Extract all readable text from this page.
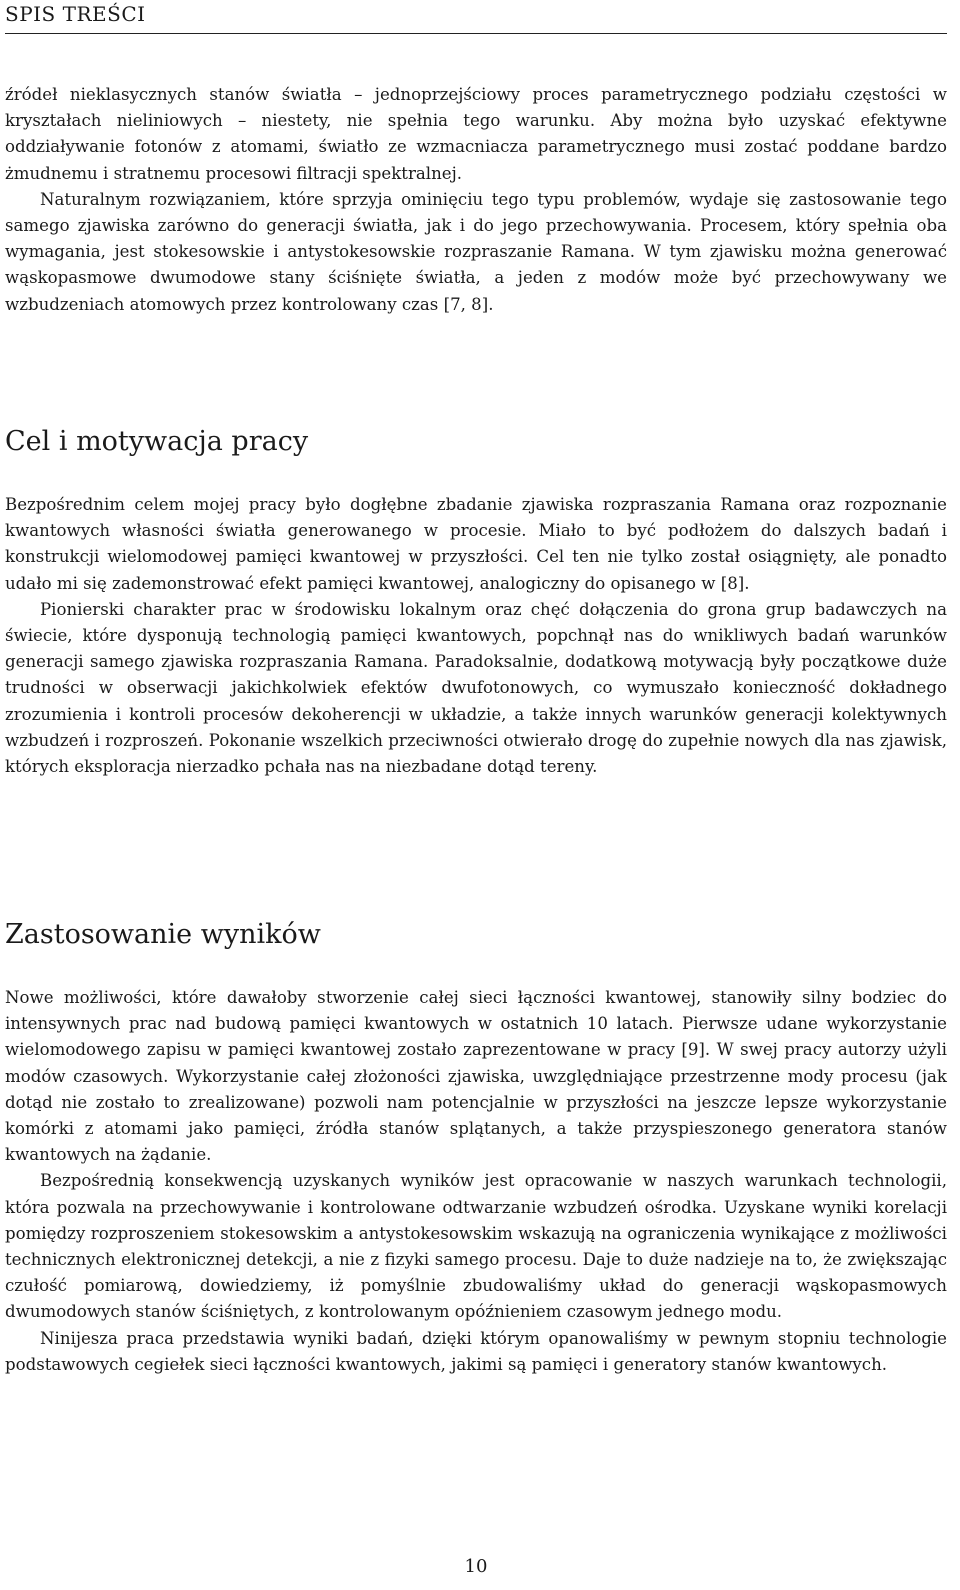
SPIS TREŚCI

źródeł nieklasycznych stanów światła – jednoprzejściowy proces parametrycznego podziału częstości w kryształach nieliniowych – niestety, nie spełnia tego warunku. Aby można było uzyskać efektywne oddziaływanie fotonów z atomami, światło ze wzmacniacza parametrycznego musi zostać poddane bardzo żmudnemu i stratnemu procesowi filtracji spektralnej.

Naturalnym rozwiązaniem, które sprzyja ominięciu tego typu problemów, wydaje się zastosowanie tego samego zjawiska zarówno do generacji światła, jak i do jego przechowywania. Procesem, który spełnia oba wymagania, jest stokesowskie i antystokesowskie rozpraszanie Ramana. W tym zjawisku można generować wąskopasmowe dwumodowe stany ściśnięte światła, a jeden z modów może być przechowywany we wzbudzeniach atomowych przez kontrolowany czas [7, 8].

Cel i motywacja pracy

Bezpośrednim celem mojej pracy było dogłębne zbadanie zjawiska rozpraszania Ramana oraz rozpoznanie kwantowych własności światła generowanego w procesie. Miało to być podłożem do dalszych badań i konstrukcji wielomodowej pamięci kwantowej w przyszłości. Cel ten nie tylko został osiągnięty, ale ponadto udało mi się zademonstrować efekt pamięci kwantowej, analogiczny do opisanego w [8].

Pionierski charakter prac w środowisku lokalnym oraz chęć dołączenia do grona grup badawczych na świecie, które dysponują technologią pamięci kwantowych, popchnął nas do wnikliwych badań warunków generacji samego zjawiska rozpraszania Ramana. Paradoksalnie, dodatkową motywacją były początkowe duże trudności w obserwacji jakichkolwiek efektów dwufotonowych, co wymuszało konieczność dokładnego zrozumienia i kontroli procesów dekoherencji w układzie, a także innych warunków generacji kolektywnych wzbudzeń i rozproszeń. Pokonanie wszelkich przeciwności otwierało drogę do zupełnie nowych dla nas zjawisk, których eksploracja nierzadko pchała nas na niezbadane dotąd tereny.

Zastosowanie wyników

Nowe możliwości, które dawałoby stworzenie całej sieci łączności kwantowej, stanowiły silny bodziec do intensywnych prac nad budową pamięci kwantowych w ostatnich 10 latach. Pierwsze udane wykorzystanie wielomodowego zapisu w pamięci kwantowej zostało zaprezentowane w pracy [9]. W swej pracy autorzy użyli modów czasowych. Wykorzystanie całej złożoności zjawiska, uwzględniające przestrzenne mody procesu (jak dotąd nie zostało to zrealizowane) pozwoli nam potencjalnie w przyszłości na jeszcze lepsze wykorzystanie komórki z atomami jako pamięci, źródła stanów splątanych, a także przyspieszonego generatora stanów kwantowych na żądanie.

Bezpośrednią konsekwencją uzyskanych wyników jest opracowanie w naszych warunkach technologii, która pozwala na przechowywanie i kontrolowane odtwarzanie wzbudzeń ośrodka. Uzyskane wyniki korelacji pomiędzy rozproszeniem stokesowskim a antystokesowskim wskazują na ograniczenia wynikające z możliwości technicznych elektronicznej detekcji, a nie z fizyki samego procesu. Daje to duże nadzieje na to, że zwiększając czułość pomiarową, dowiedziemy, iż pomyślnie zbudowaliśmy układ do generacji wąskopasmowych dwumodowych stanów ściśniętych, z kontrolowanym opóźnieniem czasowym jednego modu.

Ninijesza praca przedstawia wyniki badań, dzięki którym opanowaliśmy w pewnym stopniu technologie podstawowych cegiełek sieci łączności kwantowych, jakimi są pamięci i generatory stanów kwantowych.

10
